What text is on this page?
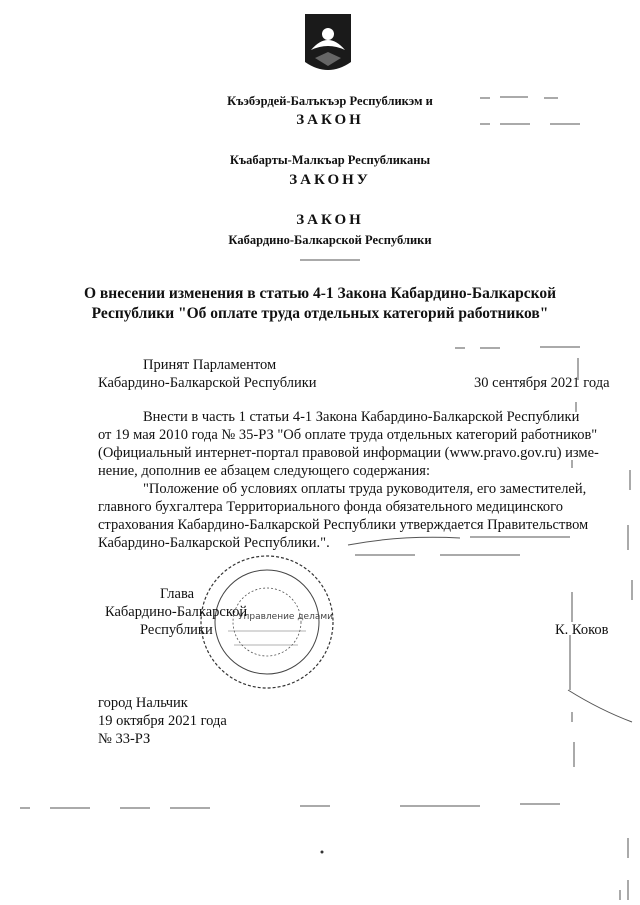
Къэбэрдей-Балъкъэр Республикэм и
ЗАКОН
Къабарты-Малкъар Республиканы
ЗАКОНУ
ЗАКОН
Кабардино-Балкарской Республики
О внесении изменения в статью 4-1 Закона Кабардино-Балкарской
Республики "Об оплате труда отдельных категорий работников"
Принят Парламентом
Кабардино-Балкарской Республики	30 сентября 2021 года
Внести в часть 1 статьи 4-1 Закона Кабардино-Балкарской Республики
от 19 мая 2010 года № 35-РЗ "Об оплате труда отдельных категорий работников"
(Официальный интернет-портал правовой информации (www.pravo.gov.ru) изме-
нение, дополнив ее абзацем следующего содержания:
"Положение об условиях оплаты труда руководителя, его заместителей,
главного бухгалтера Территориального фонда обязательного медицинского
страхования Кабардино-Балкарской Республики утверждается Правительством
Кабардино-Балкарской Республики.".
Управление делами
Глава
Кабардино-Балкарской
Республики	К. Коков
город Нальчик
19 октября 2021 года
№ 33-РЗ
